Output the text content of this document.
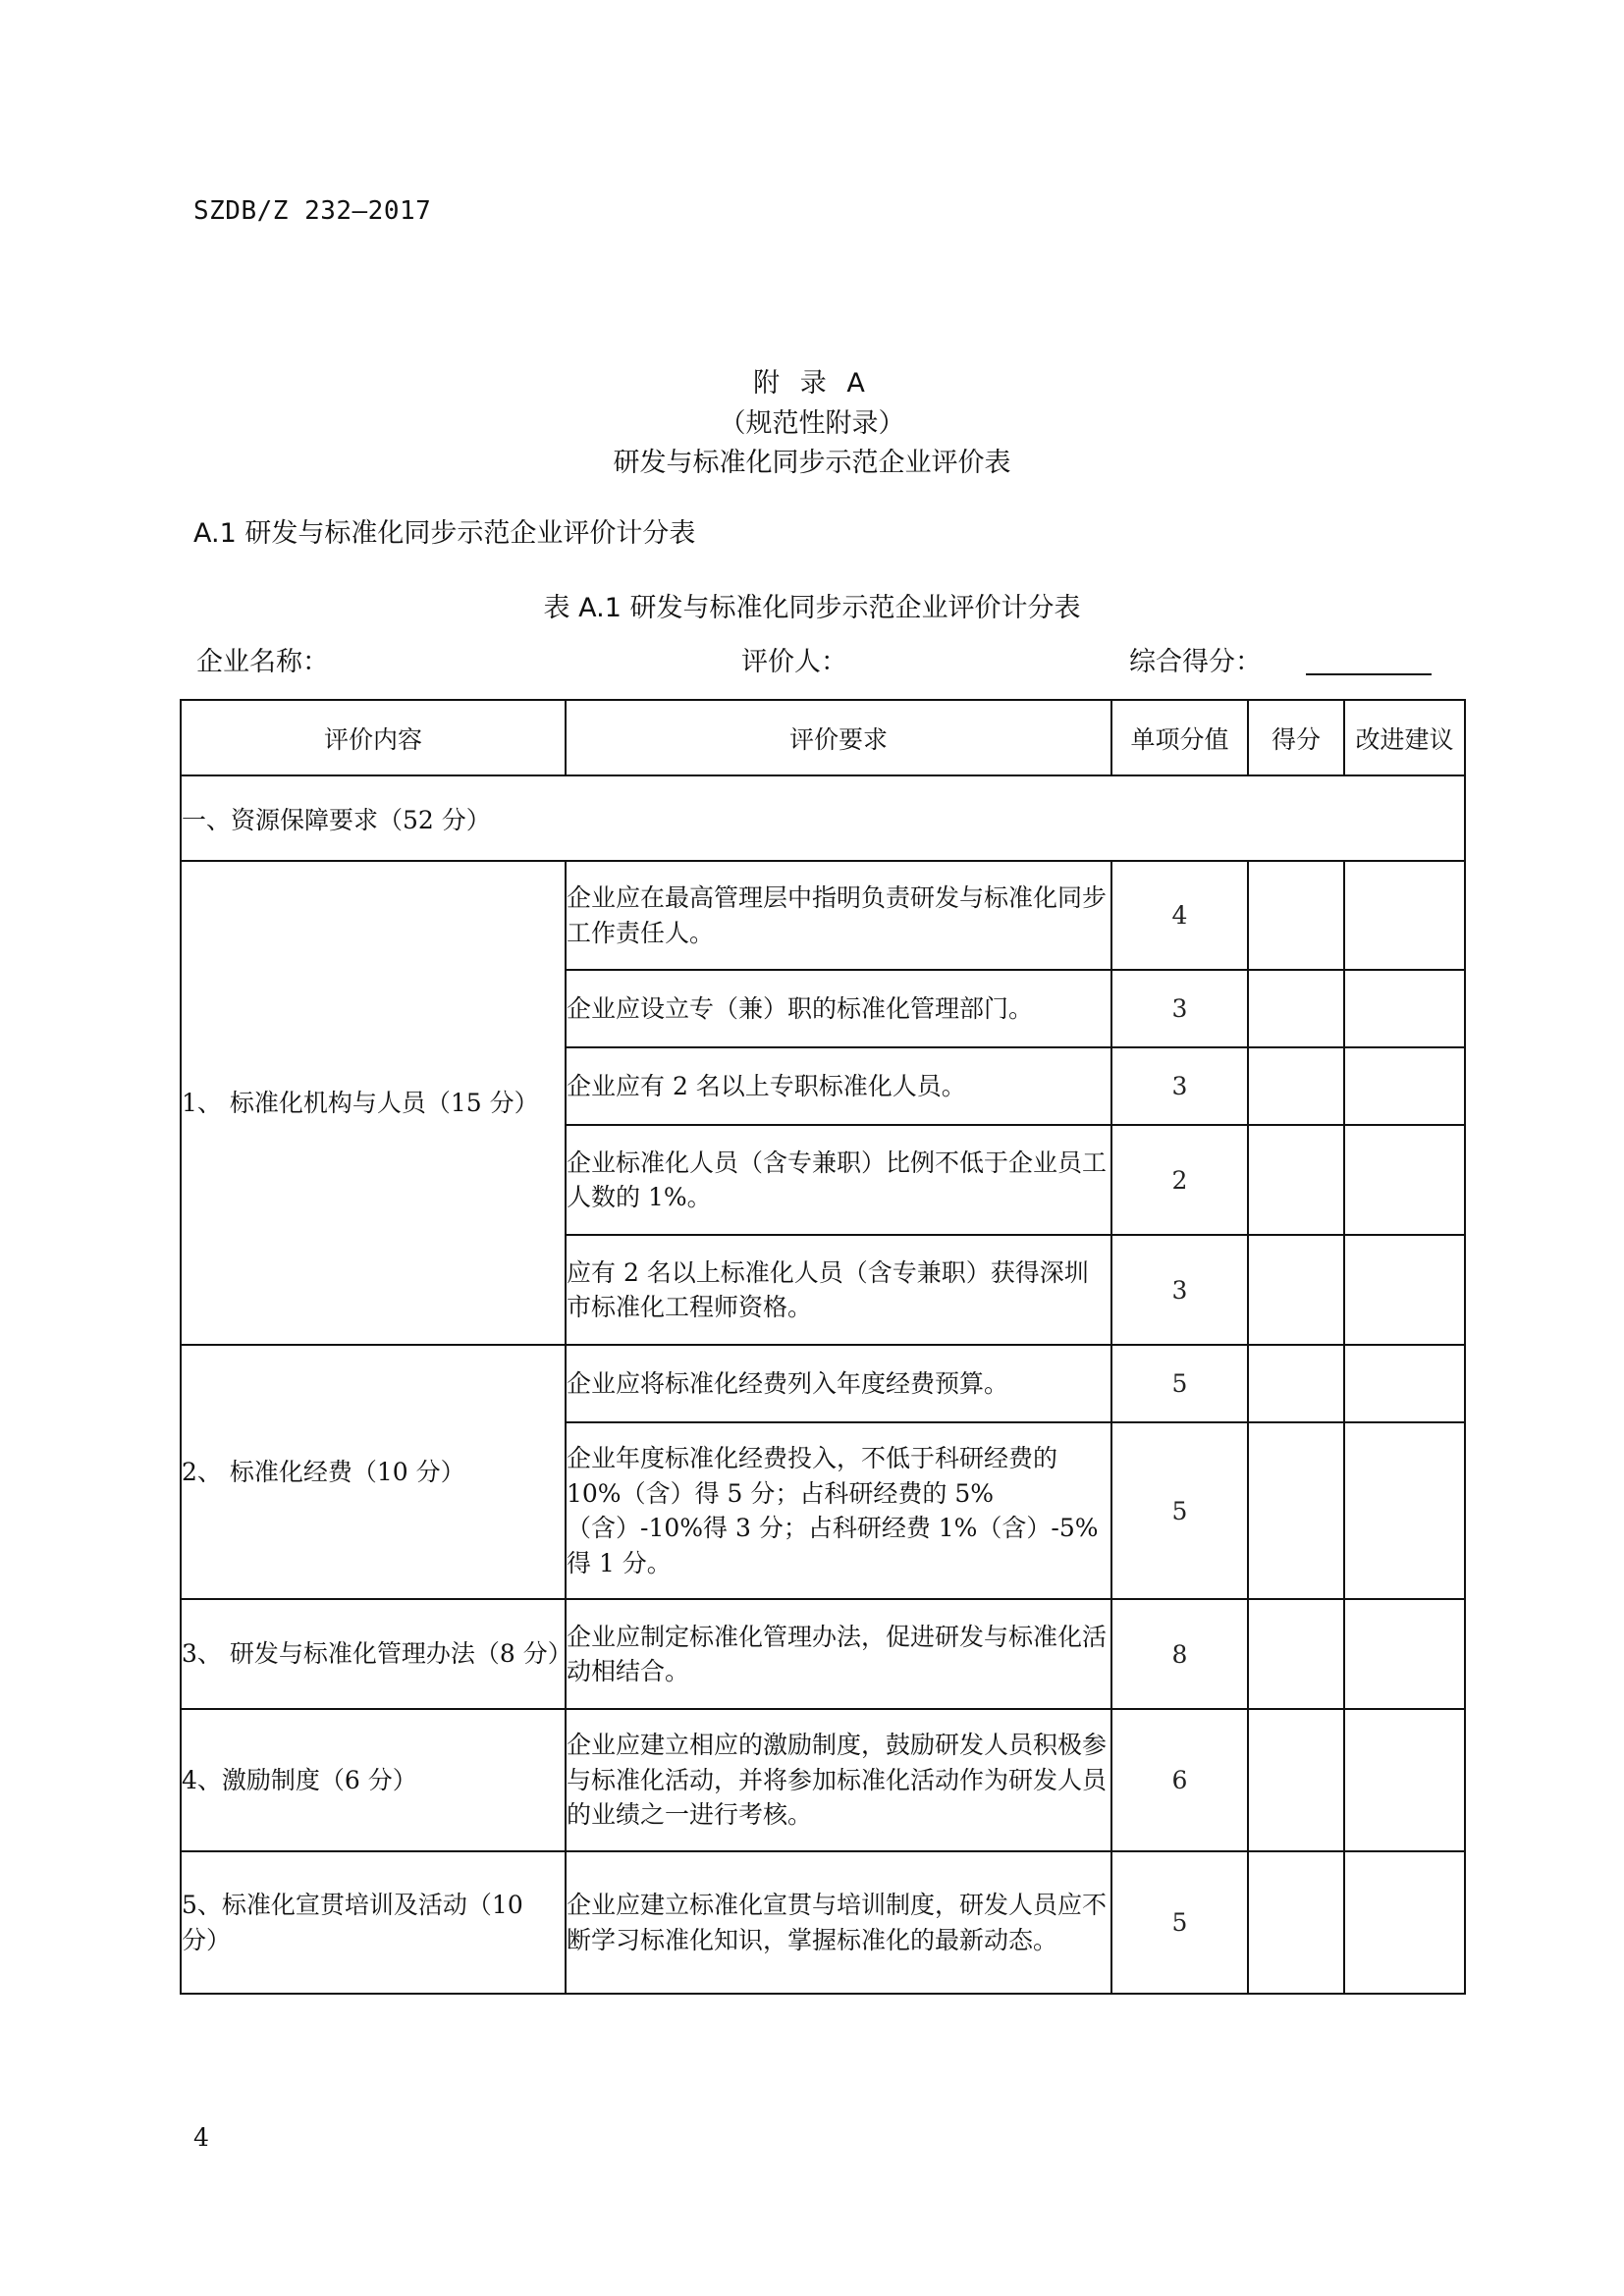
SZDB/Z 232—2017
附 录 A
（规范性附录）
研发与标准化同步示范企业评价表
A.1 研发与标准化同步示范企业评价计分表
表 A.1 研发与标准化同步示范企业评价计分表
企业名称：	评价人：	综合得分：
评价内容	评价要求	单项分值	得分	改进建议
一、资源保障要求（52 分）				
1、 标准化机构与人员（15 分）	企业应在最高管理层中指明负责研发与标准化同步工作责任人。	4		
	企业应设立专（兼）职的标准化管理部门。	3		
	企业应有 2 名以上专职标准化人员。	3		
	企业标准化人员（含专兼职）比例不低于企业员工人数的 1%。	2		
	应有 2 名以上标准化人员（含专兼职）获得深圳市标准化工程师资格。	3		
2、 标准化经费（10 分）	企业应将标准化经费列入年度经费预算。	5		
	企业年度标准化经费投入，不低于科研经费的 10%（含）得 5 分；占科研经费的 5%（含）-10%得 3 分；占科研经费 1%（含）-5%得 1 分。	5		
3、 研发与标准化管理办法（8 分）	企业应制定标准化管理办法，促进研发与标准化活动相结合。	8		
4、激励制度（6 分）	企业应建立相应的激励制度，鼓励研发人员积极参与标准化活动，并将参加标准化活动作为研发人员的业绩之一进行考核。	6		
5、标准化宣贯培训及活动（10 分）	企业应建立标准化宣贯与培训制度，研发人员应不断学习标准化知识，掌握标准化的最新动态。	5		
4
